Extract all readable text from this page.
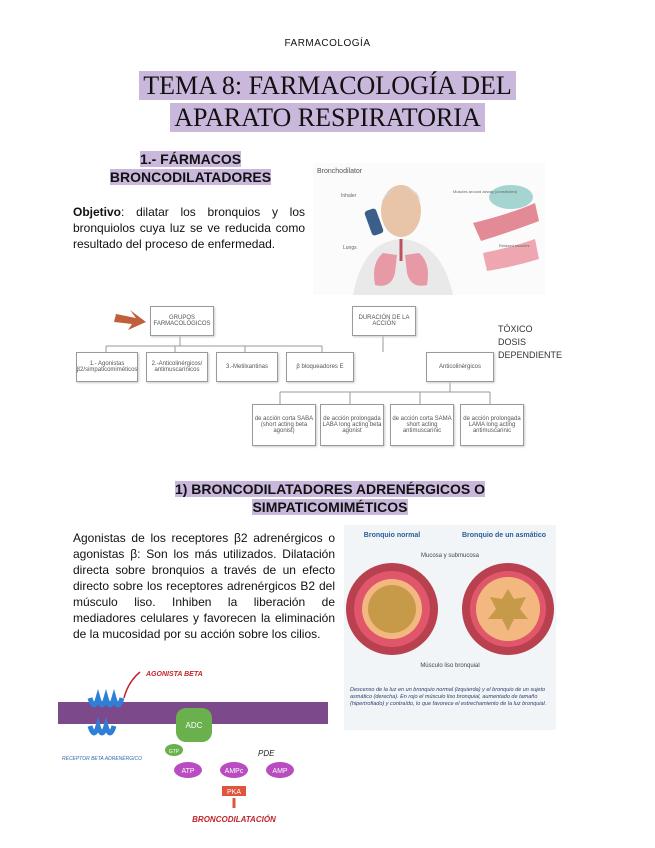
FARMACOLOGÍA
TEMA 8: FARMACOLOGÍA DEL
APARATO RESPIRATORIA
1.- FÁRMACOS
BRONCODILATADORES
Objetivo: dilatar los bronquios y los bronquiolos cuya luz se ve reducida como resultado del proceso de enfermedad.
Bronchodilator
Inhaler
Lungs
Muscles around airway (constricted)
Relaxed muscles
GRUPOS FARMACOLÓGICOS
DURACIÓN DE LA ACCIÓN
1.- Agonistas β2/simpaticomiméticos
2.-Anticolinérgicos/ antimuscarínicos	3.-Metilxantinas	β bloqueadores E	Anticolinérgicos
de acción corta SABA (short acting beta agonist)
de acción prolongada LABA long acting beta agonist
de acción corta SAMA short acting antimuscarinic
de acción prolongada LAMA long acting antimuscarinic
TÓXICO
DOSIS
DEPENDIENTE
1) BRONCODILATADORES ADRENÉRGICOS O
SIMPATICOMIMÉTICOS
Agonistas de los receptores β2 adrenérgicos o agonistas β: Son los más utilizados. Dilatación directa sobre bronquios a través de un efecto directo sobre los receptores adrenérgicos B2 del músculo liso. Inhiben la liberación de mediadores celulares y favorecen la eliminación de la mucosidad por su acción sobre los cilios.
Bronquio normal	Bronquio de un asmático
Mucosa y submucosa
Músculo liso bronquial
Descenso de la luz en un bronquio normal (izquierda) y el bronquio de un sujeto asmático (derecha). En rojo el músculo liso bronquial, aumentado de tamaño (hipertrofiado) y contraído, lo que favorece el estrechamiento de la luz bronquial.
AGONISTA BETA
RECEPTOR BETA ADRENÉRGICO
ADC
GTP
ATP	AMPc	AMP
PDE
PKA
BRONCODILATACIÓN
